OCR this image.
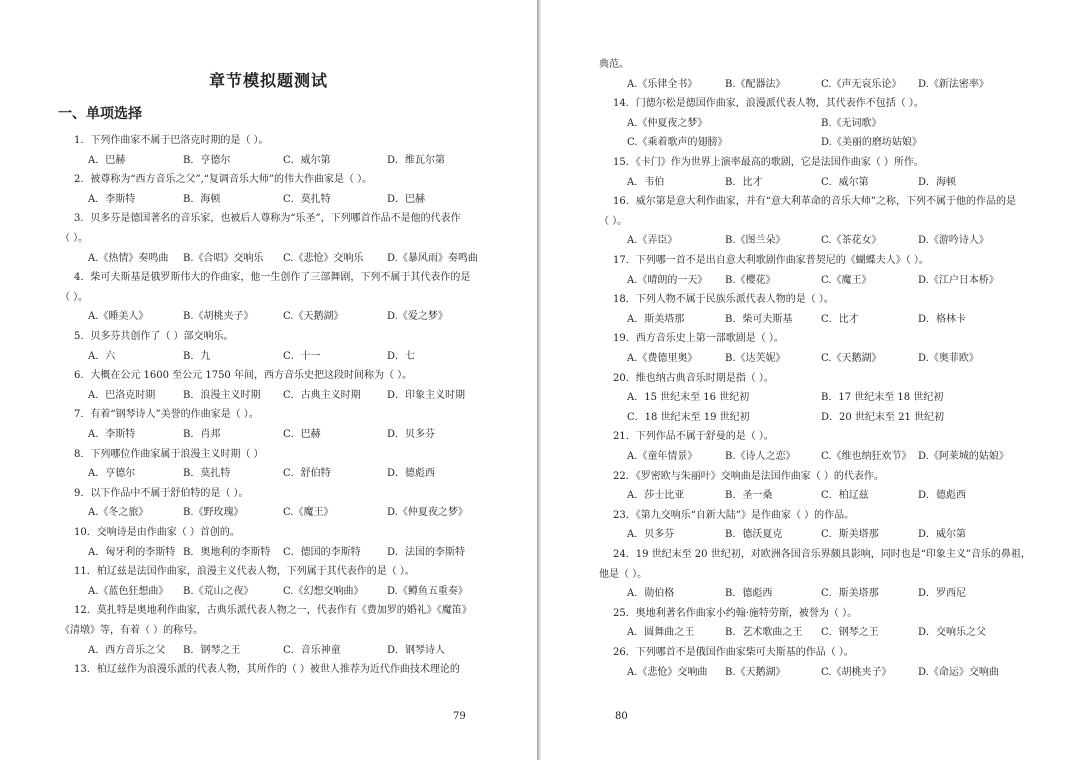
章节模拟题测试
一、单项选择
1．下列作曲家不属于巴洛克时期的是（ ）。
A．巴赫	B．亨德尔	C．威尔第	D．维瓦尔第
2．被尊称为“西方音乐之父”,“复调音乐大师”的伟大作曲家是（ ）。
A．李斯特	B．海顿	C．莫扎特	D．巴赫
3．贝多芬是德国著名的音乐家，也被后人尊称为“乐圣”，下列哪首作品不是他的代表作
（ ）。
A.《热情》奏鸣曲 B.《合唱》交响乐 C.《悲怆》交响乐 D.《暴风雨》奏鸣曲
4．柴可夫斯基是俄罗斯伟大的作曲家，他一生创作了三部舞剧，下列不属于其代表作的是
（ ）。
A.《睡美人》	B.《胡桃夹子》	C.《天鹅湖》	D.《爱之梦》
5．贝多芬共创作了（ ）部交响乐。
A．六	B．九	C．十一	D．七
6．大概在公元 1600 至公元 1750 年间，西方音乐史把这段时间称为（ ）。
A．巴洛克时期	B．浪漫主义时期 C．古典主义时期	D．印象主义时期
7．有着“钢琴诗人”美誉的作曲家是（ ）。
A．李斯特	B．肖邦	C．巴赫	D．贝多芬
8．下列哪位作曲家属于浪漫主义时期（ ）
A．亨德尔	B．莫扎特	C．舒伯特	D．德彪西
9．以下作品中不属于舒伯特的是（ ）。
A.《冬之旅》	B.《野玫瑰》	C.《魔王》	D.《仲夏夜之梦》
10．交响诗是由作曲家（ ）首创的。
A．匈牙利的李斯特 B．奥地利的李斯特 C．德国的李斯特	D．法国的李斯特
11．柏辽兹是法国作曲家，浪漫主义代表人物，下列属于其代表作的是（ ）。
A.《蓝色狂想曲》 B.《荒山之夜》	C.《幻想交响曲》 D.《鳟鱼五重奏》
12．莫扎特是奥地利作曲家，古典乐派代表人物之一，代表作有《费加罗的婚礼》《魔笛》
《清墩》等，有着（ ）的称号。
A．西方音乐之父 B．钢琴之王	C．音乐神童	D．钢琴诗人
13．柏辽兹作为浪漫乐派的代表人物，其所作的（ ）被世人推荐为近代作曲技术理论的
79
典范。
A.《乐律全书》	B.《配器法》	C.《声无哀乐论》 D.《新法密率》
14．门德尔松是德国作曲家，浪漫派代表人物，其代表作不包括（ ）。
A.《仲夏夜之梦》	B.《无词歌》
C.《乘着歌声的翅膀》	D.《美丽的磨坊姑娘》
15．《卡门》作为世界上演率最高的歌剧，它是法国作曲家（ ）所作。
A．韦伯	B．比才	C．威尔第	D．海顿
16．威尔第是意大利作曲家，并有“意大利革命的音乐大师”之称，下列不属于他的作品的是
（ ）。
A.《弄臣》	B.《图兰朵》	C.《茶花女》	D.《游吟诗人》
17．下列哪一首不是出自意大利歌剧作曲家普契尼的《蝴蝶夫人》（ ）。
A.《晴朗的一天》 B.《樱花》	C.《魔王》	D.《江户日本桥》
18．下列人物不属于民族乐派代表人物的是（ ）。
A．斯美塔那	B．柴可夫斯基	C．比才	D．格林卡
19．西方音乐史上第一部歌剧是（ ）。
A.《费德里奥》	B.《达芙妮》	C.《天鹅湖》	D.《奥菲欧》
20．维也纳古典音乐时期是指（ ）。
A．15 世纪末至 16 世纪初	B．17 世纪末至 18 世纪初
C．18 世纪末至 19 世纪初	D．20 世纪末至 21 世纪初
21．下列作品不属于舒曼的是（ ）。
A.《童年情景》	B.《诗人之恋》	C.《维也纳狂欢节》 D.《阿莱城的姑娘》
22．《罗密欧与朱丽叶》交响曲是法国作曲家（ ）的代表作。
A．莎士比亚	B．圣一桑	C．柏辽兹	D．德彪西
23．《第九交响乐“自新大陆”》是作曲家（ ）的作品。
A．贝多芬	B．德沃夏克	C．斯美塔那	D．威尔第
24．19 世纪末至 20 世纪初，对欧洲各国音乐界颇具影响，同时也是“印象主义”音乐的鼻祖，
他是（ ）。
A．勋伯格	B．德彪西	C．斯美塔那	D．罗西尼
25．奥地利著名作曲家小约翰·施特劳斯，被誉为（ ）。
A．圆舞曲之王	B．艺术歌曲之王 C．钢琴之王	D．交响乐之父
26．下列哪首不是俄国作曲家柴可夫斯基的作品（ ）。
A.《悲怆》交响曲 B.《天鹅湖》	C.《胡桃夹子》	D.《命运》交响曲
80
